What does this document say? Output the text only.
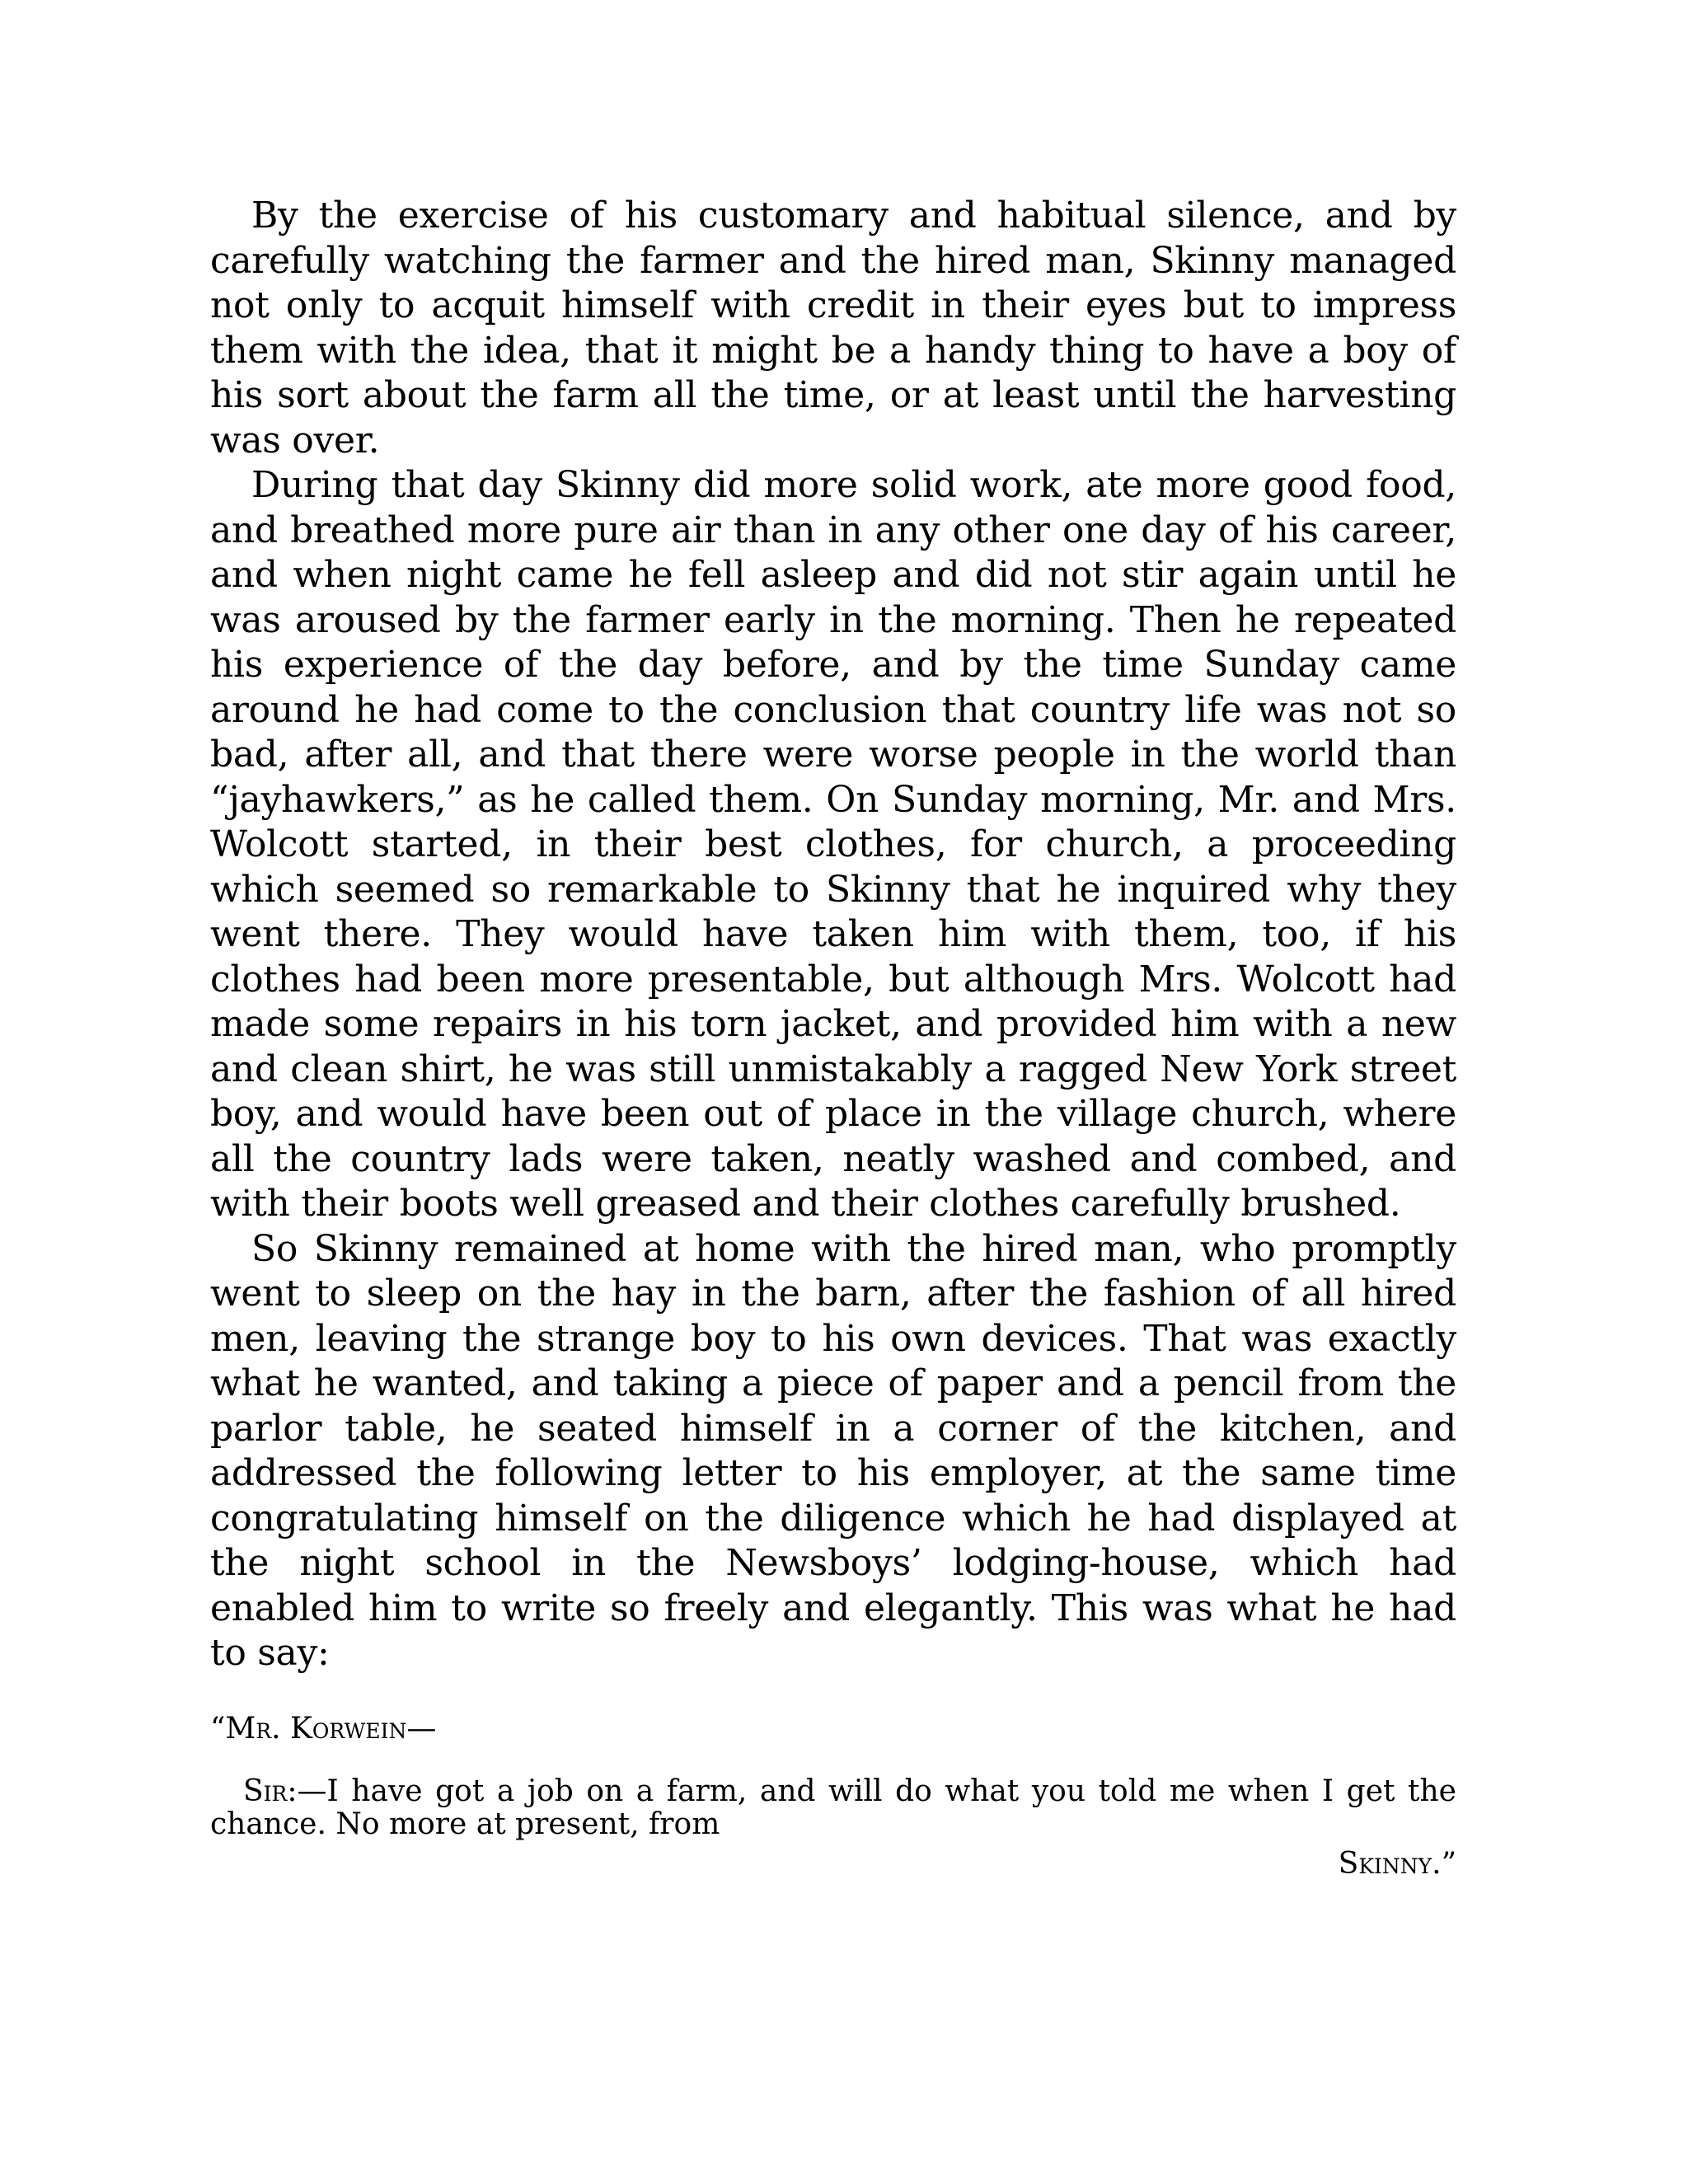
By the exercise of his customary and habitual silence, and by carefully watching the farmer and the hired man, Skinny managed not only to acquit himself with credit in their eyes but to impress them with the idea, that it might be a handy thing to have a boy of his sort about the farm all the time, or at least until the harvesting was over.

During that day Skinny did more solid work, ate more good food, and breathed more pure air than in any other one day of his career, and when night came he fell asleep and did not stir again until he was aroused by the farmer early in the morning. Then he repeated his experience of the day before, and by the time Sunday came around he had come to the conclusion that country life was not so bad, after all, and that there were worse people in the world than “jayhawkers,” as he called them. On Sunday morning, Mr. and Mrs. Wolcott started, in their best clothes, for church, a proceeding which seemed so remarkable to Skinny that he inquired why they went there. They would have taken him with them, too, if his clothes had been more presentable, but although Mrs. Wolcott had made some repairs in his torn jacket, and provided him with a new and clean shirt, he was still unmistakably a ragged New York street boy, and would have been out of place in the village church, where all the country lads were taken, neatly washed and combed, and with their boots well greased and their clothes carefully brushed.

So Skinny remained at home with the hired man, who promptly went to sleep on the hay in the barn, after the fashion of all hired men, leaving the strange boy to his own devices. That was exactly what he wanted, and taking a piece of paper and a pencil from the parlor table, he seated himself in a corner of the kitchen, and addressed the following letter to his employer, at the same time congratulating himself on the diligence which he had displayed at the night school in the Newsboys’ lodging-house, which had enabled him to write so freely and elegantly. This was what he had to say:

“Mr. Korwein—

Sir:—I have got a job on a farm, and will do what you told me when I get the chance. No more at present, from

Skinny.”
